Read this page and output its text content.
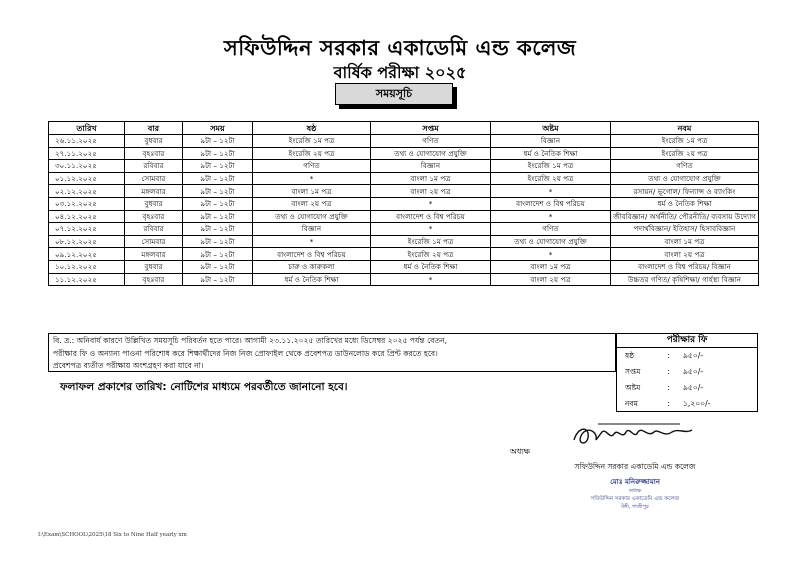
সফিউদ্দিন সরকার একাডেমি এন্ড কলেজ
বার্ষিক পরীক্ষা ২০২৫
সময়সূচি
তারিখ	বার	সময়	ষষ্ঠ	সপ্তম	অষ্টম	নবম
২৬.১১.২০২৫	বুধবার	৯টা – ১২টা	ইংরেজি ১ম পত্র	গণিত	বিজ্ঞান	ইংরেজি ১ম পত্র
২৭.১১.২০২৫	বৃহঃবার	৯টা – ১২টা	ইংরেজি ২য় পত্র	তথ্য ও যোগাযোগ প্রযুক্তি	ধর্ম ও নৈতিক শিক্ষা	ইংরেজি ২য় পত্র
৩০.১১.২০২৫	রবিবার	৯টা – ১২টা	গণিত	বিজ্ঞান	ইংরেজি ১ম পত্র	গণিত
০১.১২.২০২৫	সোমবার	৯টা – ১২টা	*	বাংলা ১ম পত্র	ইংরেজি ২য় পত্র	তথ্য ও যোগাযোগ প্রযুক্তি
০২.১২.২০২৫	মঙ্গলবার	৯টা – ১২টা	বাংলা ১ম পত্র	বাংলা ২য় পত্র	*	রসায়ন/ ভূগোল/ ফিন্যান্স ও ব্যাংকিং
০৩.১২.২০২৫	বুধবার	৯টা – ১২টা	বাংলা ২য় পত্র	*	বাংলাদেশ ও বিশ্ব পরিচয়	ধর্ম ও নৈতিক শিক্ষা
০৪.১২.২০২৫	বৃহঃবার	৯টা – ১২টা	তথ্য ও যোগাযোগ প্রযুক্তি	বাংলাদেশ ও বিশ্ব পরিচয়	*	জীববিজ্ঞান/ অর্থনীতি/ পৌরনীতি/ ব্যবসায় উদ্যোগ
০৭.১২.২০২৫	রবিবার	৯টা – ১২টা	বিজ্ঞান	*	গণিত	পদার্থবিজ্ঞান/ ইতিহাস/ হিসাববিজ্ঞান
০৮.১২.২০২৫	সোমবার	৯টা – ১২টা	*	ইংরেজি ১ম পত্র	তথ্য ও যোগাযোগ প্রযুক্তি	বাংলা ১ম পত্র
০৯.১২.২০২৫	মঙ্গলবার	৯টা – ১২টা	বাংলাদেশ ও বিশ্ব পরিচয়	ইংরেজি ২য় পত্র	*	বাংলা ২য় পত্র
১০.১২.২০২৫	বুধবার	৯টা – ১২টা	চারু ও কারুকলা	ধর্ম ও নৈতিক শিক্ষা	বাংলা ১ম পত্র	বাংলাদেশ ও বিশ্ব পরিচয়/ বিজ্ঞান
১১.১২.২০২৫	বৃহঃবার	৯টা – ১২টা	ধর্ম ও নৈতিক শিক্ষা	*	বাংলা ২য় পত্র	উচ্চতর গণিত/ কৃষিশিক্ষা/ গার্হস্থ্য বিজ্ঞান
বি. দ্র.: অনিবার্য কারণে উল্লিখিত সময়সূচি পরিবর্তন হতে পারে। আগামী ২৩.১১.২০২৫ তারিখের মধ্যে ডিসেম্বর ২০২৫ পর্যন্ত বেতন,
পরীক্ষার ফি ও অন্যান্য পাওনা পরিশোধ করে শিক্ষার্থীদের নিজ নিজ প্রোফাইল থেকে প্রবেশপত্র ডাউনলোড করে প্রিন্ট করতে হবে।
প্রবেশপত্র ব্যতীত পরীক্ষায় অংশগ্রহণ করা যাবে না।
ফলাফল প্রকাশের তারিখ: নোটিশের মাধ্যমে পরবর্তীতে জানানো হবে।
পরীক্ষার ফি
ষষ্ঠ	: ৯৫০/-
সপ্তম	: ৯৫০/-
অষ্টম	: ৯৫০/-
নবম	: ১,২০০/-
অধ্যক্ষ
সফিউদ্দিন সরকার একাডেমি এন্ড কলেজ
মোঃ মনিরুজ্জামান
অধ্যক্ষ
সফিউদ্দিন সরকার একাডেমি এন্ড কলেজ
টঙ্গী, গাজীপুর
I:\Exam\SCHOOL\2025\18 Six to Nine Half yearly xm
